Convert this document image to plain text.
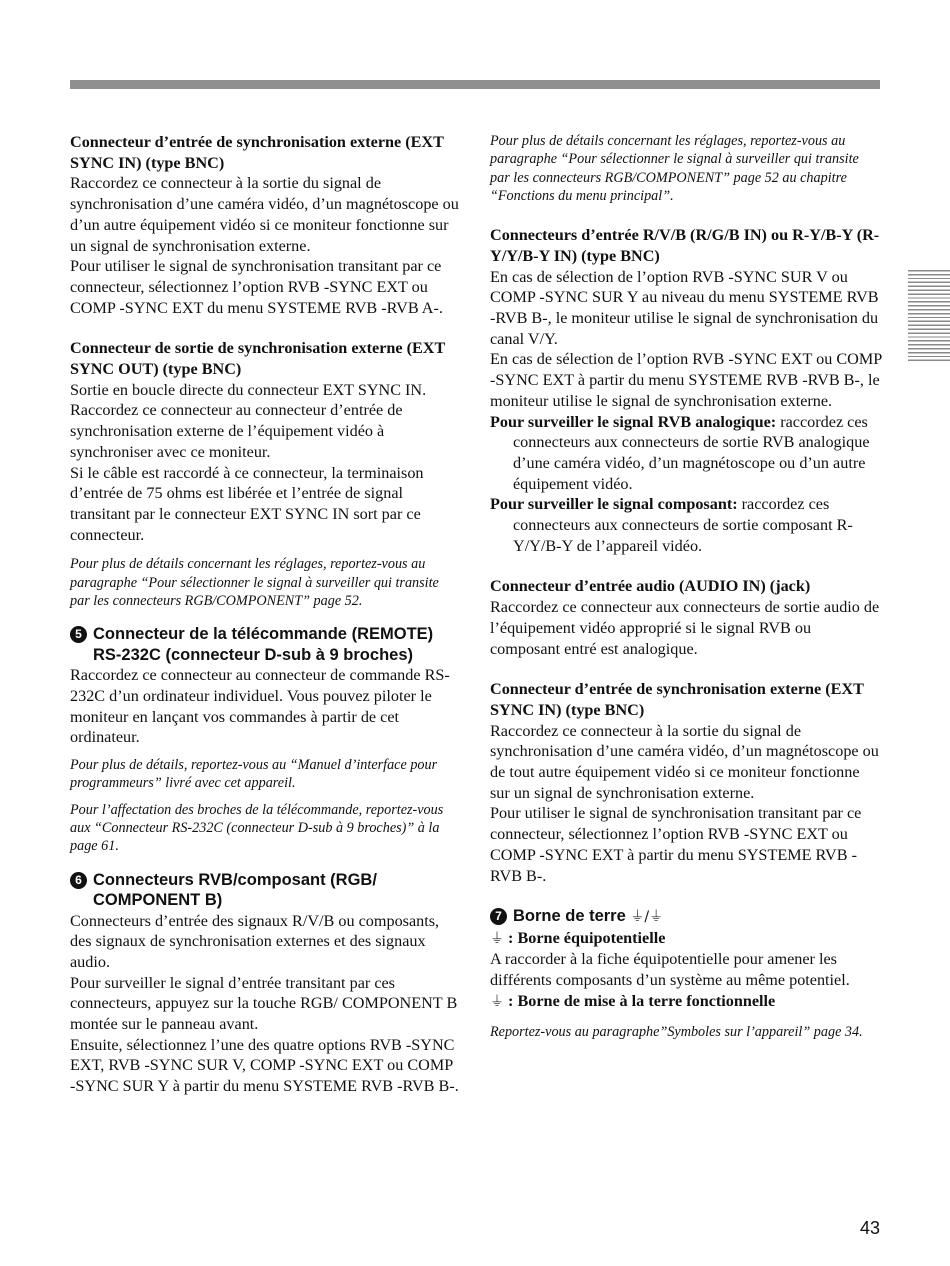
Connecteur d’entrée de synchronisation externe (EXT SYNC IN) (type BNC)

Raccordez ce connecteur à la sortie du signal de synchronisation d’une caméra vidéo, d’un magnétoscope ou d’un autre équipement vidéo si ce moniteur fonctionne sur un signal de synchronisation externe.

Pour utiliser le signal de synchronisation transitant par ce connecteur, sélectionnez l’option RVB -SYNC EXT ou COMP -SYNC EXT du menu SYSTEME RVB -RVB A-.

Connecteur de sortie de synchronisation externe (EXT SYNC OUT) (type BNC)

Sortie en boucle directe du connecteur EXT SYNC IN. Raccordez ce connecteur au connecteur d’entrée de synchronisation externe de l’équipement vidéo à synchroniser avec ce moniteur.

Si le câble est raccordé à ce connecteur, la terminaison d’entrée de 75 ohms est libérée et l’entrée de signal transitant par le connecteur EXT SYNC IN sort par ce connecteur.

Pour plus de détails concernant les réglages, reportez-vous au paragraphe “Pour sélectionner le signal à surveiller qui transite par les connecteurs RGB/COMPONENT” page 52.

5 Connecteur de la télécommande (REMOTE) RS-232C (connecteur D-sub à 9 broches)

Raccordez ce connecteur au connecteur de commande RS-232C d’un ordinateur individuel. Vous pouvez piloter le moniteur en lançant vos commandes à partir de cet ordinateur.

Pour plus de détails, reportez-vous au “Manuel d’interface pour programmeurs” livré avec cet appareil.

Pour l’affectation des broches de la télécommande, reportez-vous aux “Connecteur RS-232C (connecteur D-sub à 9 broches)” à la page 61.

6 Connecteurs RVB/composant (RGB/ COMPONENT B)

Connecteurs d’entrée des signaux R/V/B ou composants, des signaux de synchronisation externes et des signaux audio.

Pour surveiller le signal d’entrée transitant par ces connecteurs, appuyez sur la touche RGB/ COMPONENT B montée sur le panneau avant.

Ensuite, sélectionnez l’une des quatre options RVB -SYNC EXT, RVB -SYNC SUR V, COMP -SYNC EXT ou COMP -SYNC SUR Y à partir du menu SYSTEME RVB -RVB B-.

Pour plus de détails concernant les réglages, reportez-vous au paragraphe “Pour sélectionner le signal à surveiller qui transite par les connecteurs RGB/COMPONENT” page 52 au chapitre “Fonctions du menu principal”.

Connecteurs d’entrée R/V/B (R/G/B IN) ou R-Y/B-Y (R-Y/Y/B-Y IN) (type BNC)

En cas de sélection de l’option RVB -SYNC SUR V ou COMP -SYNC SUR Y au niveau du menu SYSTEME RVB -RVB B-, le moniteur utilise le signal de synchronisation du canal V/Y.

En cas de sélection de l’option RVB -SYNC EXT ou COMP -SYNC EXT à partir du menu SYSTEME RVB -RVB B-, le moniteur utilise le signal de synchronisation externe.

Pour surveiller le signal RVB analogique: raccordez ces connecteurs aux connecteurs de sortie RVB analogique d’une caméra vidéo, d’un magnétoscope ou d’un autre équipement vidéo.

Pour surveiller le signal composant: raccordez ces connecteurs aux connecteurs de sortie composant R-Y/Y/B-Y de l’appareil vidéo.

Connecteur d’entrée audio (AUDIO IN) (jack)

Raccordez ce connecteur aux connecteurs de sortie audio de l’équipement vidéo approprié si le signal RVB ou composant entré est analogique.

Connecteur d’entrée de synchronisation externe (EXT SYNC IN) (type BNC)

Raccordez ce connecteur à la sortie du signal de synchronisation d’une caméra vidéo, d’un magnétoscope ou de tout autre équipement vidéo si ce moniteur fonctionne sur un signal de synchronisation externe.

Pour utiliser le signal de synchronisation transitant par ce connecteur, sélectionnez l’option RVB -SYNC EXT ou COMP -SYNC EXT à partir du menu SYSTEME RVB -RVB B-.

7 Borne de terre ⏚/⏚

⏚ : Borne équipotentielle

A raccorder à la fiche équipotentielle pour amener les différents composants d’un système au même potentiel.

⏚ : Borne de mise à la terre fonctionnelle

Reportez-vous au paragraphe”Symboles sur l’appareil” page 34.

43
